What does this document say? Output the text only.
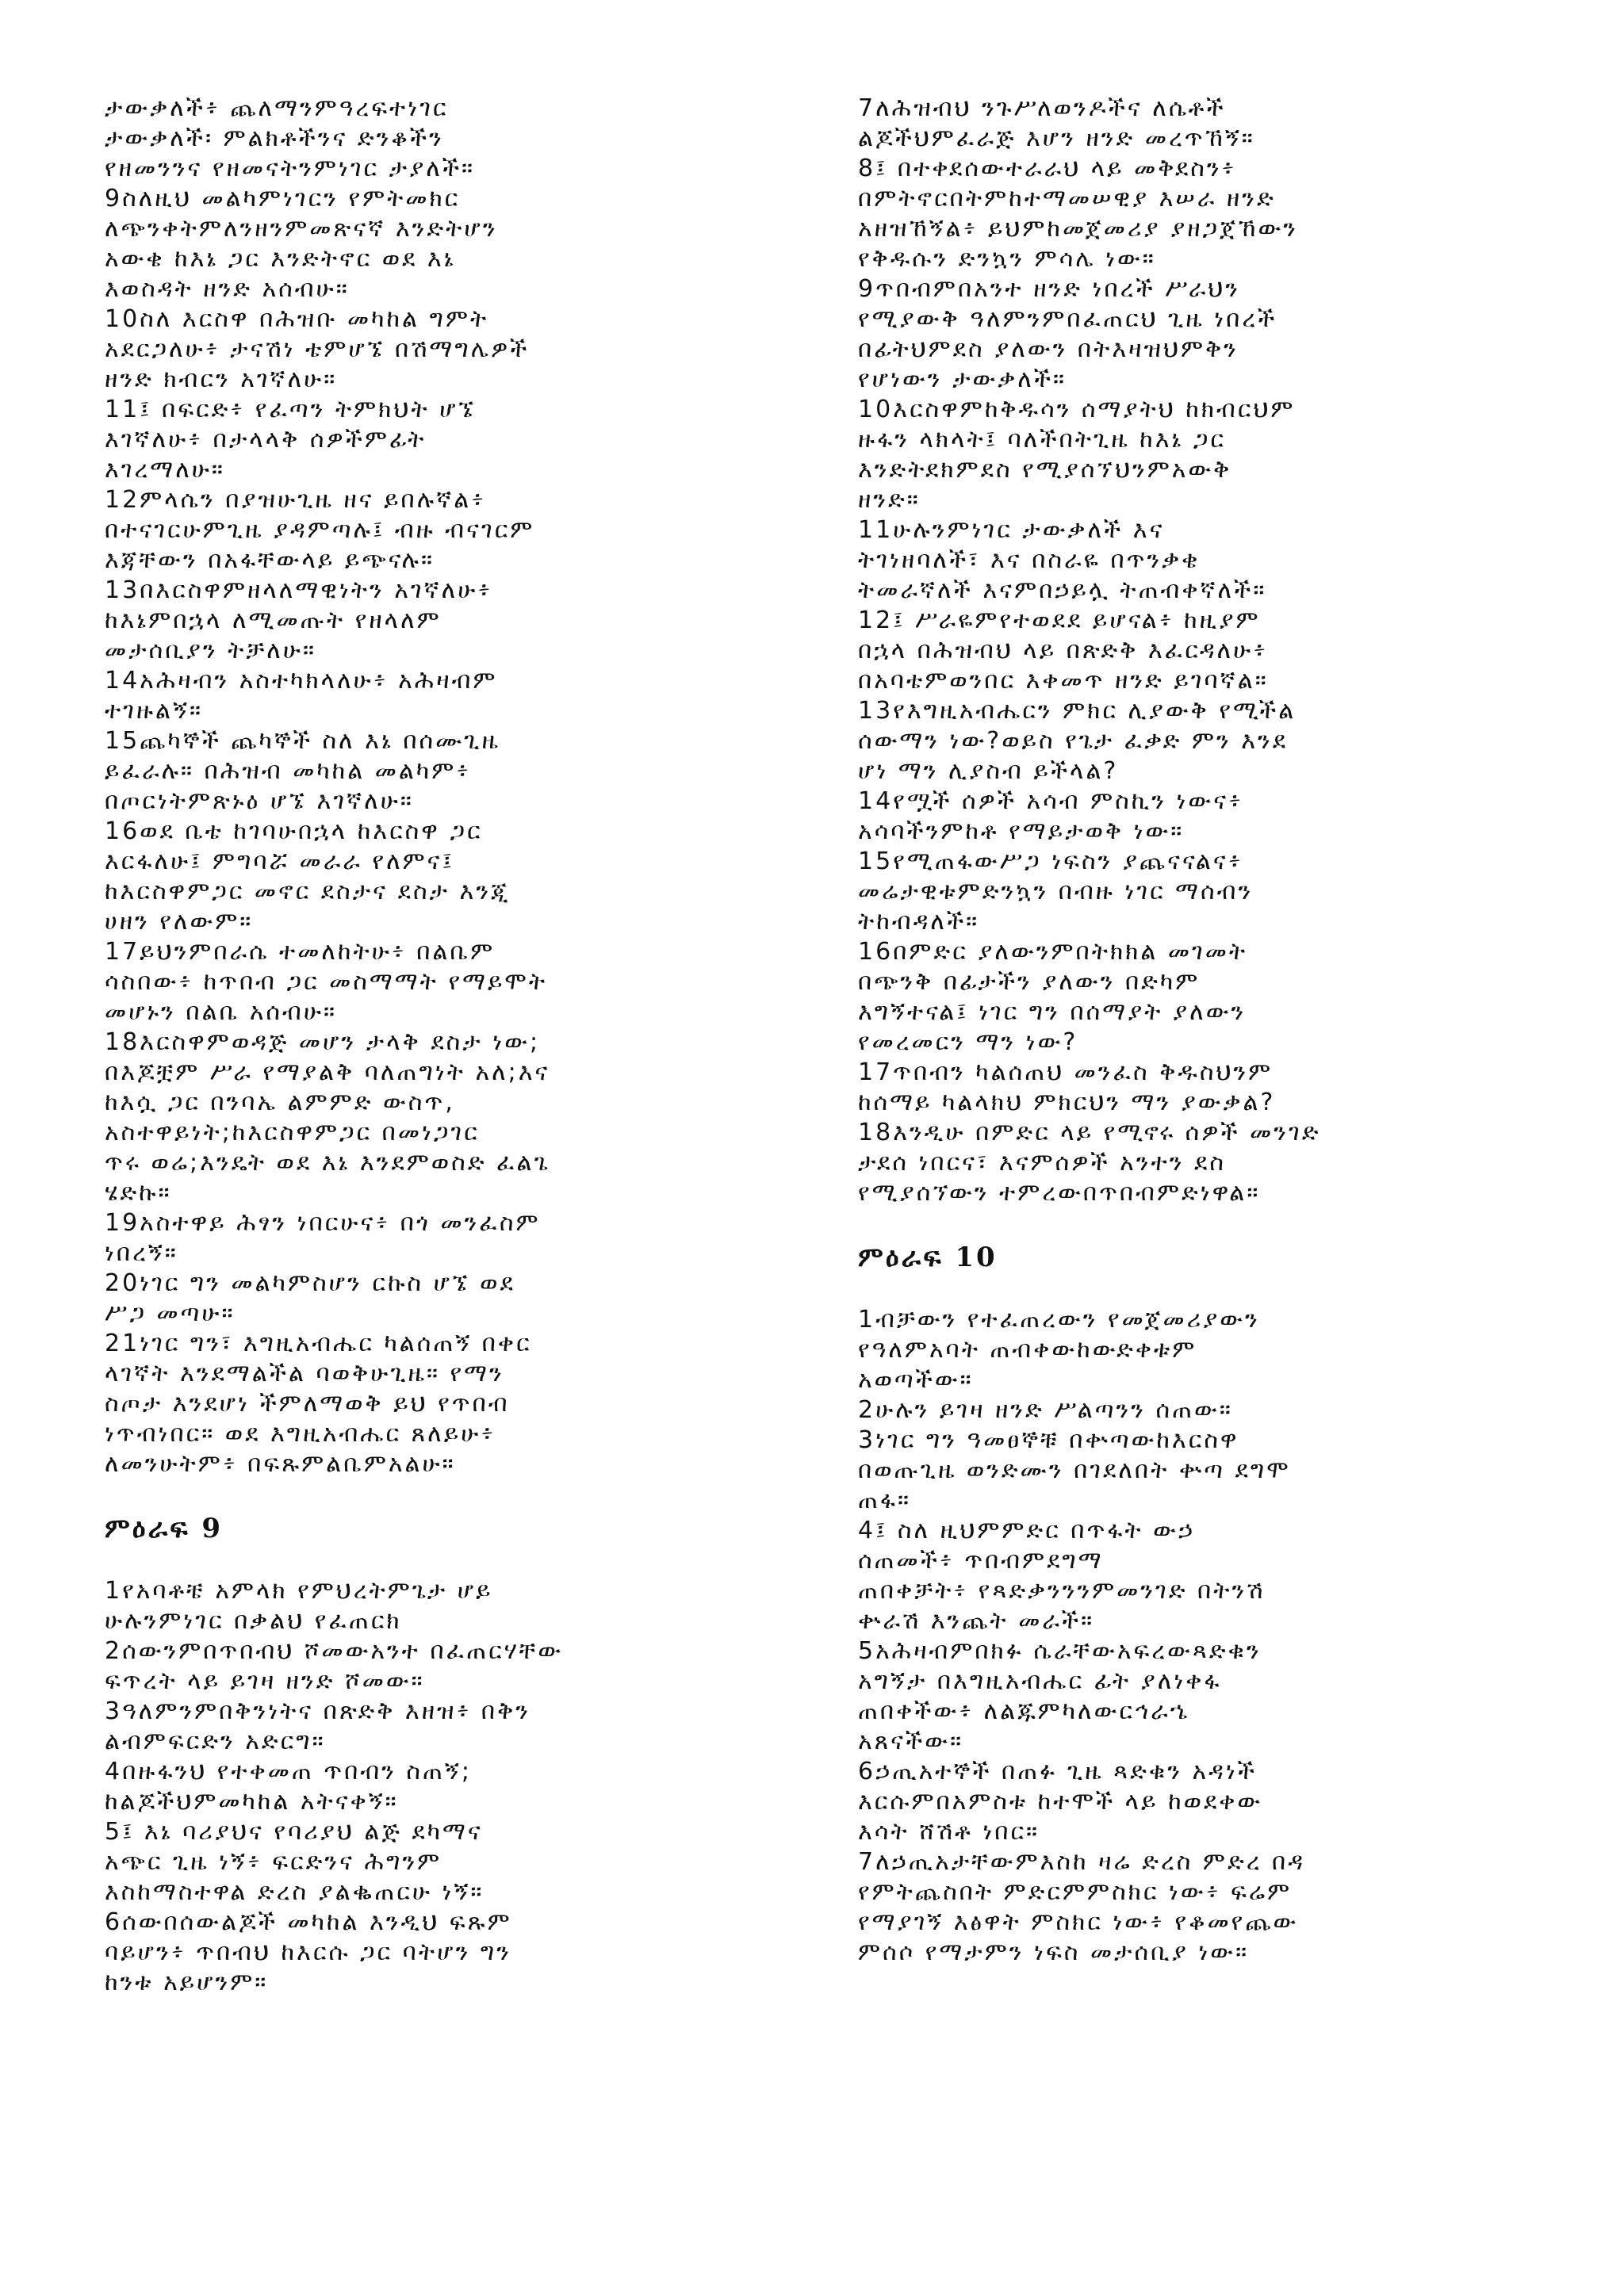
ታውቃለች፥ ጨለማንምዓረፍተነገር
ታውቃለች፡ ምልክቶችንና ድንቆችን
የዘመንንና የዘመናትንምነገር ታያለች።
9ስለዚህ መልካምነገርን የምትመክር
ለጭንቀትምለንዘንምመጽናኛ እንድትሆን
አውቄ ከእኔ ጋር እንድትኖር ወደ እኔ
እወስዳት ዘንድ አሰብሁ።
10ስለ እርስዋ በሕዝቡ መካከል ግምት
አደርጋለሁ፥ ታናሽነ ቴምሆኜ በሽማግሌዎች
ዘንድ ክብርን አገኛለሁ።
11፤ በፍርድ፥ የፈጣን ትምክህት ሆኜ
እገኛለሁ፥ በታላላቅ ሰዎችምፊት
እገረማለሁ።
12ምላሴን በያዝሁጊዜ ዘና ይበሉኛል፥
በተናገርሁምጊዜ ያዳምጣሉ፤ ብዙ ብናገርም
እጃቸውን በአፋቸውላይ ይጭናሉ።
13በእርስዋምዘላለማዊነትን አገኛለሁ፥
ከእኔምበኋላ ለሚመጡት የዘላለም
መታሰቢያን ትቻለሁ።
14አሕዛብን አስተካክላለሁ፥ አሕዛብም
ተገዙልኝ።
15ጨካኞች ጨካኞች ስለ እኔ በሰሙጊዜ
ይፈራሉ። በሕዝብ መካከል መልካም፥
በጦርነትምጽኑዕ ሆኜ እገኛለሁ።
16ወደ ቤቴ ከገባሁበኋላ ከእርስዋ ጋር
እርፋለሁ፤ ምግባሯ መራራ የለምና፤
ከእርስዋምጋር መኖር ደስታና ደስታ እንጂ
ሀዘን የለውም።
17ይህንምበራሴ ተመለከትሁ፥ በልቤም
ሳስበው፥ ከጥበብ ጋር መስማማት የማይሞት
መሆኑን በልቤ አሰብሁ።
18እርስዋምወዳጅ መሆን ታላቅ ደስታ ነው;
በእጆቿም ሥራ የማያልቅ ባለጠግነት አለ;እና
ከእሷ ጋር በንባኤ ልምምድ ውስጥ,
አስተዋይነት;ከእርስዋምጋር በመነጋገር
ጥሩ ወሬ;እንዴት ወደ እኔ እንደምወስድ ፈልጌ
ሄድኩ።
19አስተዋይ ሕፃን ነበርሁና፥ በጎ መንፈስም
ነበረኝ።
20ነገር ግን መልካምስሆን ርኩስ ሆኜ ወደ
ሥጋ መጣሁ።
21ነገር ግን፣ እግዚአብሔር ካልሰጠኝ በቀር
ላገኛት እንደማልችል ባወቅሁጊዜ። የማን
ስጦታ እንደሆነ ችምለማወቅ ይህ የጥበብ
ነጥብነበር። ወደ እግዚአብሔር ጸለይሁ፥
ለመንሁትም፥ በፍጹምልቤምአልሁ።
ምዕራፍ 9
1የአባቶቼ አምላክ የምህረትምጌታ ሆይ
ሁሉንምነገር በቃልህ የፈጠርክ
2ሰውንምበጥበብህ ሾመውአንተ በፈጠርሃቸው
ፍጥረት ላይ ይገዛ ዘንድ ሾመው።
3ዓለምንምበቅንነትና በጽድቅ እዘዝ፥ በቅን
ልብምፍርድን አድርግ።
4በዙፋንህ የተቀመጠ ጥበብን ስጠኝ;
ከልጆችህምመካከል አትናቀኝ።
5፤ እኔ ባሪያህና የባሪያህ ልጅ ደካማና
አጭር ጊዜ ነኝ፥ ፍርድንና ሕግንም
እስከማስተዋል ድረስ ያልቈጠርሁ ነኝ።
6ሰውበሰውልጆች መካከል እንዲህ ፍጹም
ባይሆን፥ ጥበብህ ከእርሱ ጋር ባትሆን ግን
ከንቱ አይሆንም።
7ለሕዝብህ ንጉሥለወንዶችና ለሴቶች
ልጆችህምፈራጅ እሆን ዘንድ መረጥኸኝ።
8፤ በተቀደሰውተራራህ ላይ መቅደስን፥
በምትኖርበትምከተማመሠዊያ እሠራ ዘንድ
አዘዝኸኝል፥ ይህምከመጀመሪያ ያዘጋጀኸውን
የቅዱሱን ድንኳን ምሳሌ ነው።
9ጥበብምበአንተ ዘንድ ነበረች ሥራህን
የሚያውቅ ዓለምንምበፈጠርህ ጊዜ ነበረች
በፊትህምደስ ያለውን በትእዛዝህምቅን
የሆነውን ታውቃለች።
10እርስዋምከቅዱሳን ሰማያትህ ከክብርህም
ዙፋን ላክላት፤ ባለችበትጊዜ ከእኔ ጋር
እንድትደክምደስ የሚያሰኘህንምአውቅ
ዘንድ።
11ሁሉንምነገር ታውቃለች እና
ትገነዘባለች፣ እና በስራዬ በጥንቃቄ
ትመራኛለች እናምበኃይሏ ትጠብቀኛለች።
12፤ ሥራዬምየተወደደ ይሆናል፥ ከዚያም
በኋላ በሕዝብህ ላይ በጽድቅ እፈርዳለሁ፥
በአባቴምወንበር እቀመጥ ዘንድ ይገባኛል።
13የእግዚአብሔርን ምክር ሊያውቅ የሚችል
ሰውማን ነው?ወይስ የጌታ ፈቃድ ምን እንደ
ሆነ ማን ሊያስብ ይችላል?
14የሟች ሰዎች አሳብ ምስኪን ነውና፥
አሳባችንምከቶ የማይታወቅ ነው።
15የሚጠፋውሥጋ ነፍስን ያጨናናልና፥
መሬታዊቱምድንኳን በብዙ ነገር ማሰብን
ትከብዳለች።
16በምድር ያለውንምበትክክል መገመት
በጭንቅ በፊታችን ያለውን በድካም
እግኝተናል፤ ነገር ግን በሰማያት ያለውን
የመረመርን ማን ነው?
17ጥበብን ካልሰጠህ መንፈስ ቅዱስህንም
ከሰማይ ካልላክህ ምክርህን ማን ያውቃል?
18እንዲሁ በምድር ላይ የሚኖሩ ሰዎች መንገድ
ታደሰ ነበርና፣ እናምሰዎች አንተን ደስ
የሚያሰኘውን ተምረውበጥበብምድነዋል።
ምዕራፍ 10
1ብቻውን የተፈጠረውን የመጀመሪያውን
የዓለምአባት ጠብቀውከውድቀቱም
አወጣችው።
2ሁሉን ይገዛ ዘንድ ሥልጣንን ሰጠው።
3ነገር ግን ዓመፀኞቹ በቍጣውከእርስዋ
በወጡጊዜ ወንድሙን በገደለበት ቍጣ ደግሞ
ጠፋ።
4፤ ስለ ዚህምምድር በጥፋት ውኃ
ሰጠመች፥ ጥበብምደግማ
ጠበቀቻት፥ የጻድቃንንንምመንገድ በትንሽ
ቍራሽ እንጨት መራች።
5አሕዛብምበክፉ ሴራቸውአፍረውጻድቁን
አግኝታ በእግዚአብሔር ፊት ያለነቀፋ
ጠበቀችው፥ ለልጁምካለውርኅራኄ
አጸናችው።
6ኃጢአተኞች በጠፉ ጊዜ ጻድቁን አዳነች
እርሱምበአምስቱ ከተሞች ላይ ከወደቀው
እሳት ሸሽቶ ነበር።
7ለኃጢአታቸውምእስከ ዛሬ ድረስ ምድረ በዳ
የምትጨስበት ምድርምምስክር ነው፥ ፍሬም
የማያገኝ እፅዋት ምስክር ነው፥ የቆመየጨው
ምሰሶ የማታምን ነፍስ መታሰቢያ ነው።
